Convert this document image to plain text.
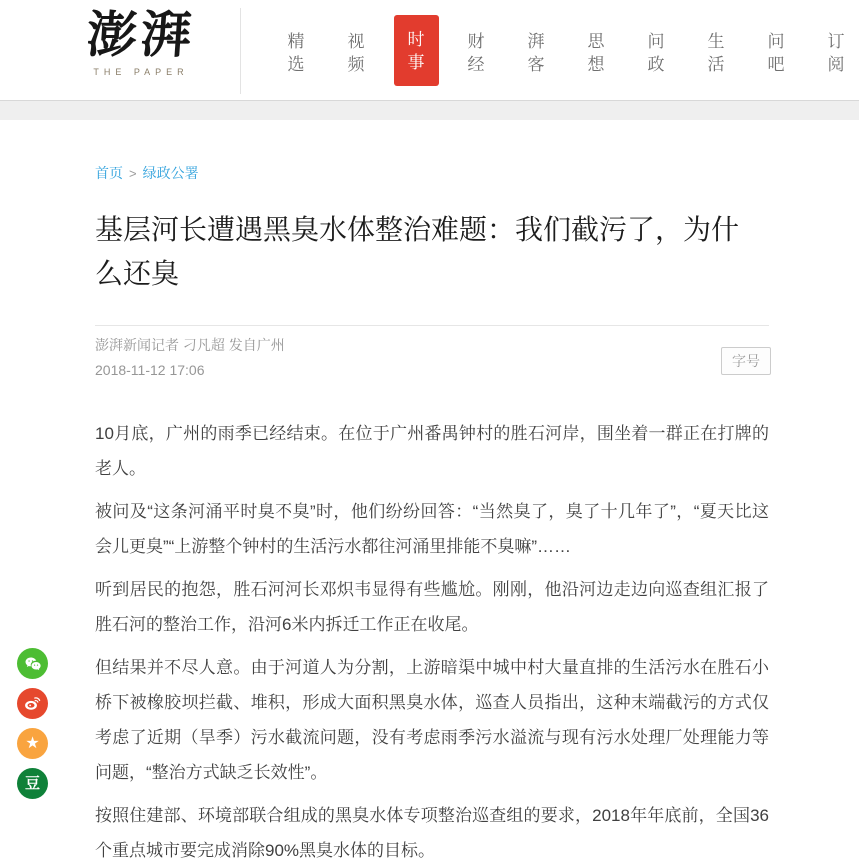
澎湃
THE PAPER
精选
视频
时事
财经
湃客
思想
问政
生活
问吧
订阅
首页 > 绿政公署
基层河长遭遇黑臭水体整治难题：我们截污了，为什么还臭
澎湃新闻记者 刁凡超 发自广州
2018-11-12 17:06
字号

10月底，广州的雨季已经结束。在位于广州番禺钟村的胜石河岸，围坐着一群正在打牌的老人。

被问及“这条河涌平时臭不臭”时，他们纷纷回答：“当然臭了，臭了十几年了”，“夏天比这会儿更臭”“上游整个钟村的生活污水都往河涌里排能不臭嘛”……

听到居民的抱怨，胜石河河长邓炽韦显得有些尴尬。刚刚，他沿河边走边向巡查组汇报了胜石河的整治工作，沿河6米内拆迁工作正在收尾。

但结果并不尽人意。由于河道人为分割，上游暗渠中城中村大量直排的生活污水在胜石小桥下被橡胶坝拦截、堆积，形成大面积黑臭水体，巡查人员指出，这种末端截污的方式仅考虑了近期（旱季）污水截流问题，没有考虑雨季污水溢流与现有污水处理厂处理能力等问题，“整治方式缺乏长效性”。

按照住建部、环境部联合组成的黑臭水体专项整治巡查组的要求，2018年年底前，全国36个重点城市要完成消除90%黑臭水体的目标。

★
豆
